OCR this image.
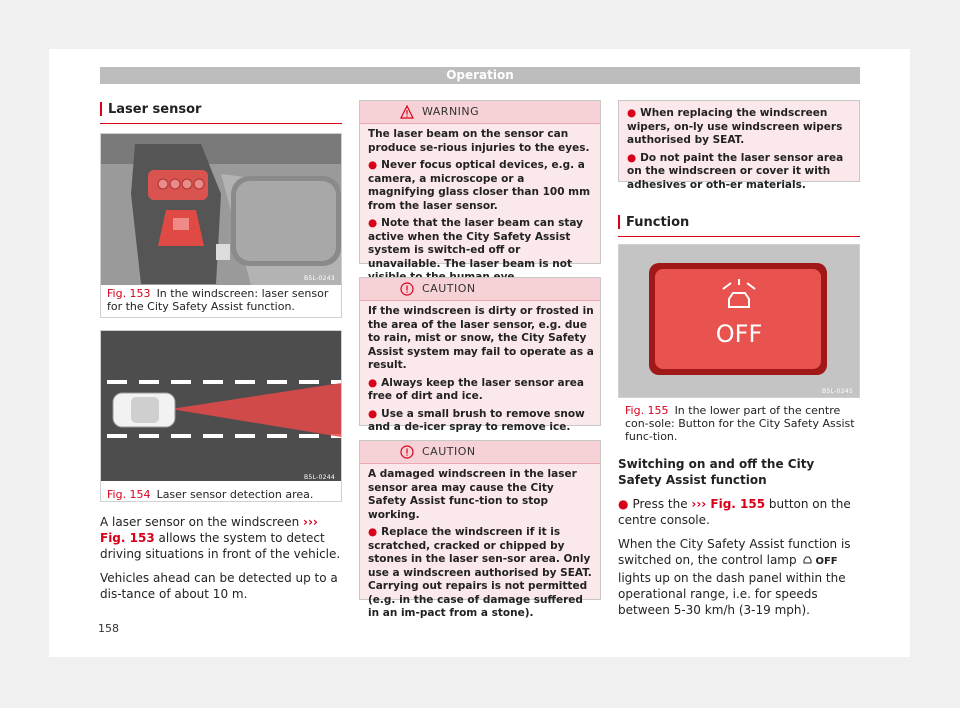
Operation
Laser sensor
B5L-0243
Fig. 153 In the windscreen: laser sensor for the City Safety Assist function.
B5L-0244
Fig. 154 Laser sensor detection area.

A laser sensor on the windscreen ››› Fig. 153 allows the system to detect driving situations in front of the vehicle.

Vehicles ahead can be detected up to a dis-tance of about 10 m.

WARNING

The laser beam on the sensor can produce se-rious injuries to the eyes.

● Never focus optical devices, e.g. a camera, a microscope or a magnifying glass closer than 100 mm from the laser sensor.

● Note that the laser beam can stay active when the City Safety Assist system is switch-ed off or unavailable. The laser beam is not

CAUTION

If the windscreen is dirty or frosted in the area of the laser sensor, e.g. due to rain, mist or snow, the City Safety Assist system may fail to operate as a result.

● Always keep the laser sensor area free of dirt and ice.

● Use a small brush to remove snow and a de-icer spray to remove ice.

CAUTION

A damaged windscreen in the laser sensor area may cause the City Safety Assist func-tion to stop working.

● Replace the windscreen if it is scratched, cracked or chipped by stones in the laser sen-sor area. Only use a windscreen authorised by SEAT. Carrying out repairs is not permitted (e.g. in the case of damage suffered in an im-pact from a stone).

● When replacing the windscreen wipers, on-ly use windscreen wipers authorised by SEAT.

● Do not paint the laser sensor area on the windscreen or cover it with adhesives or oth-er materials.

Function
OFF
B5L-0245
Fig. 155 In the lower part of the centre con-sole: Button for the City Safety Assist func-tion.

Switching on and off the City Safety Assist function

● Press the ››› Fig. 155 button on the centre console.

When the City Safety Assist function is switched on, the control lamp OFF lights up on the dash panel within the operational range, i.e. for speeds between 5-30 km/h (3-19 mph).

158
